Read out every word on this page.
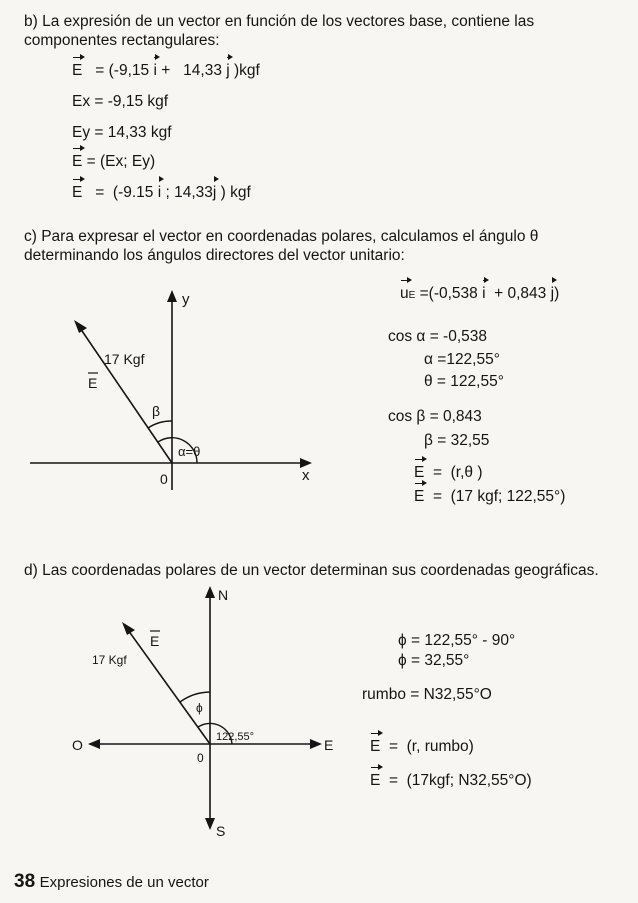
b) La expresión de un vector en función de los vectores base, contiene las componentes rectangulares:
E   = (-9,15 i +   14,33 j )kgf
Ex = -9,15 kgf
Ey = 14,33 kgf
E = (Ex; Ey)
E   =  (-9.15 i ; 14,33j ) kgf
c) Para expresar el vector en coordenadas polares, calculamos el ángulo θ determinando los ángulos directores del vector unitario:
y
x
0
17 Kgf
E
β
α=θ
uE =(-0,538 i  + 0,843 j)
cos α = -0,538
α =122,55°
θ = 122,55°
cos β = 0,843
β = 32,55
E  =  (r,θ )
E  =  (17 kgf; 122,55°)
d) Las coordenadas polares de un vector determinan sus coordenadas geográficas.
N
S
E
O
0
17 Kgf
E
ϕ
122,55°
ϕ = 122,55° - 90°
ϕ = 32,55°
rumbo = N32,55°O
E  =  (r, rumbo)
E  =  (17kgf; N32,55°O)
38 Expresiones de un vector
